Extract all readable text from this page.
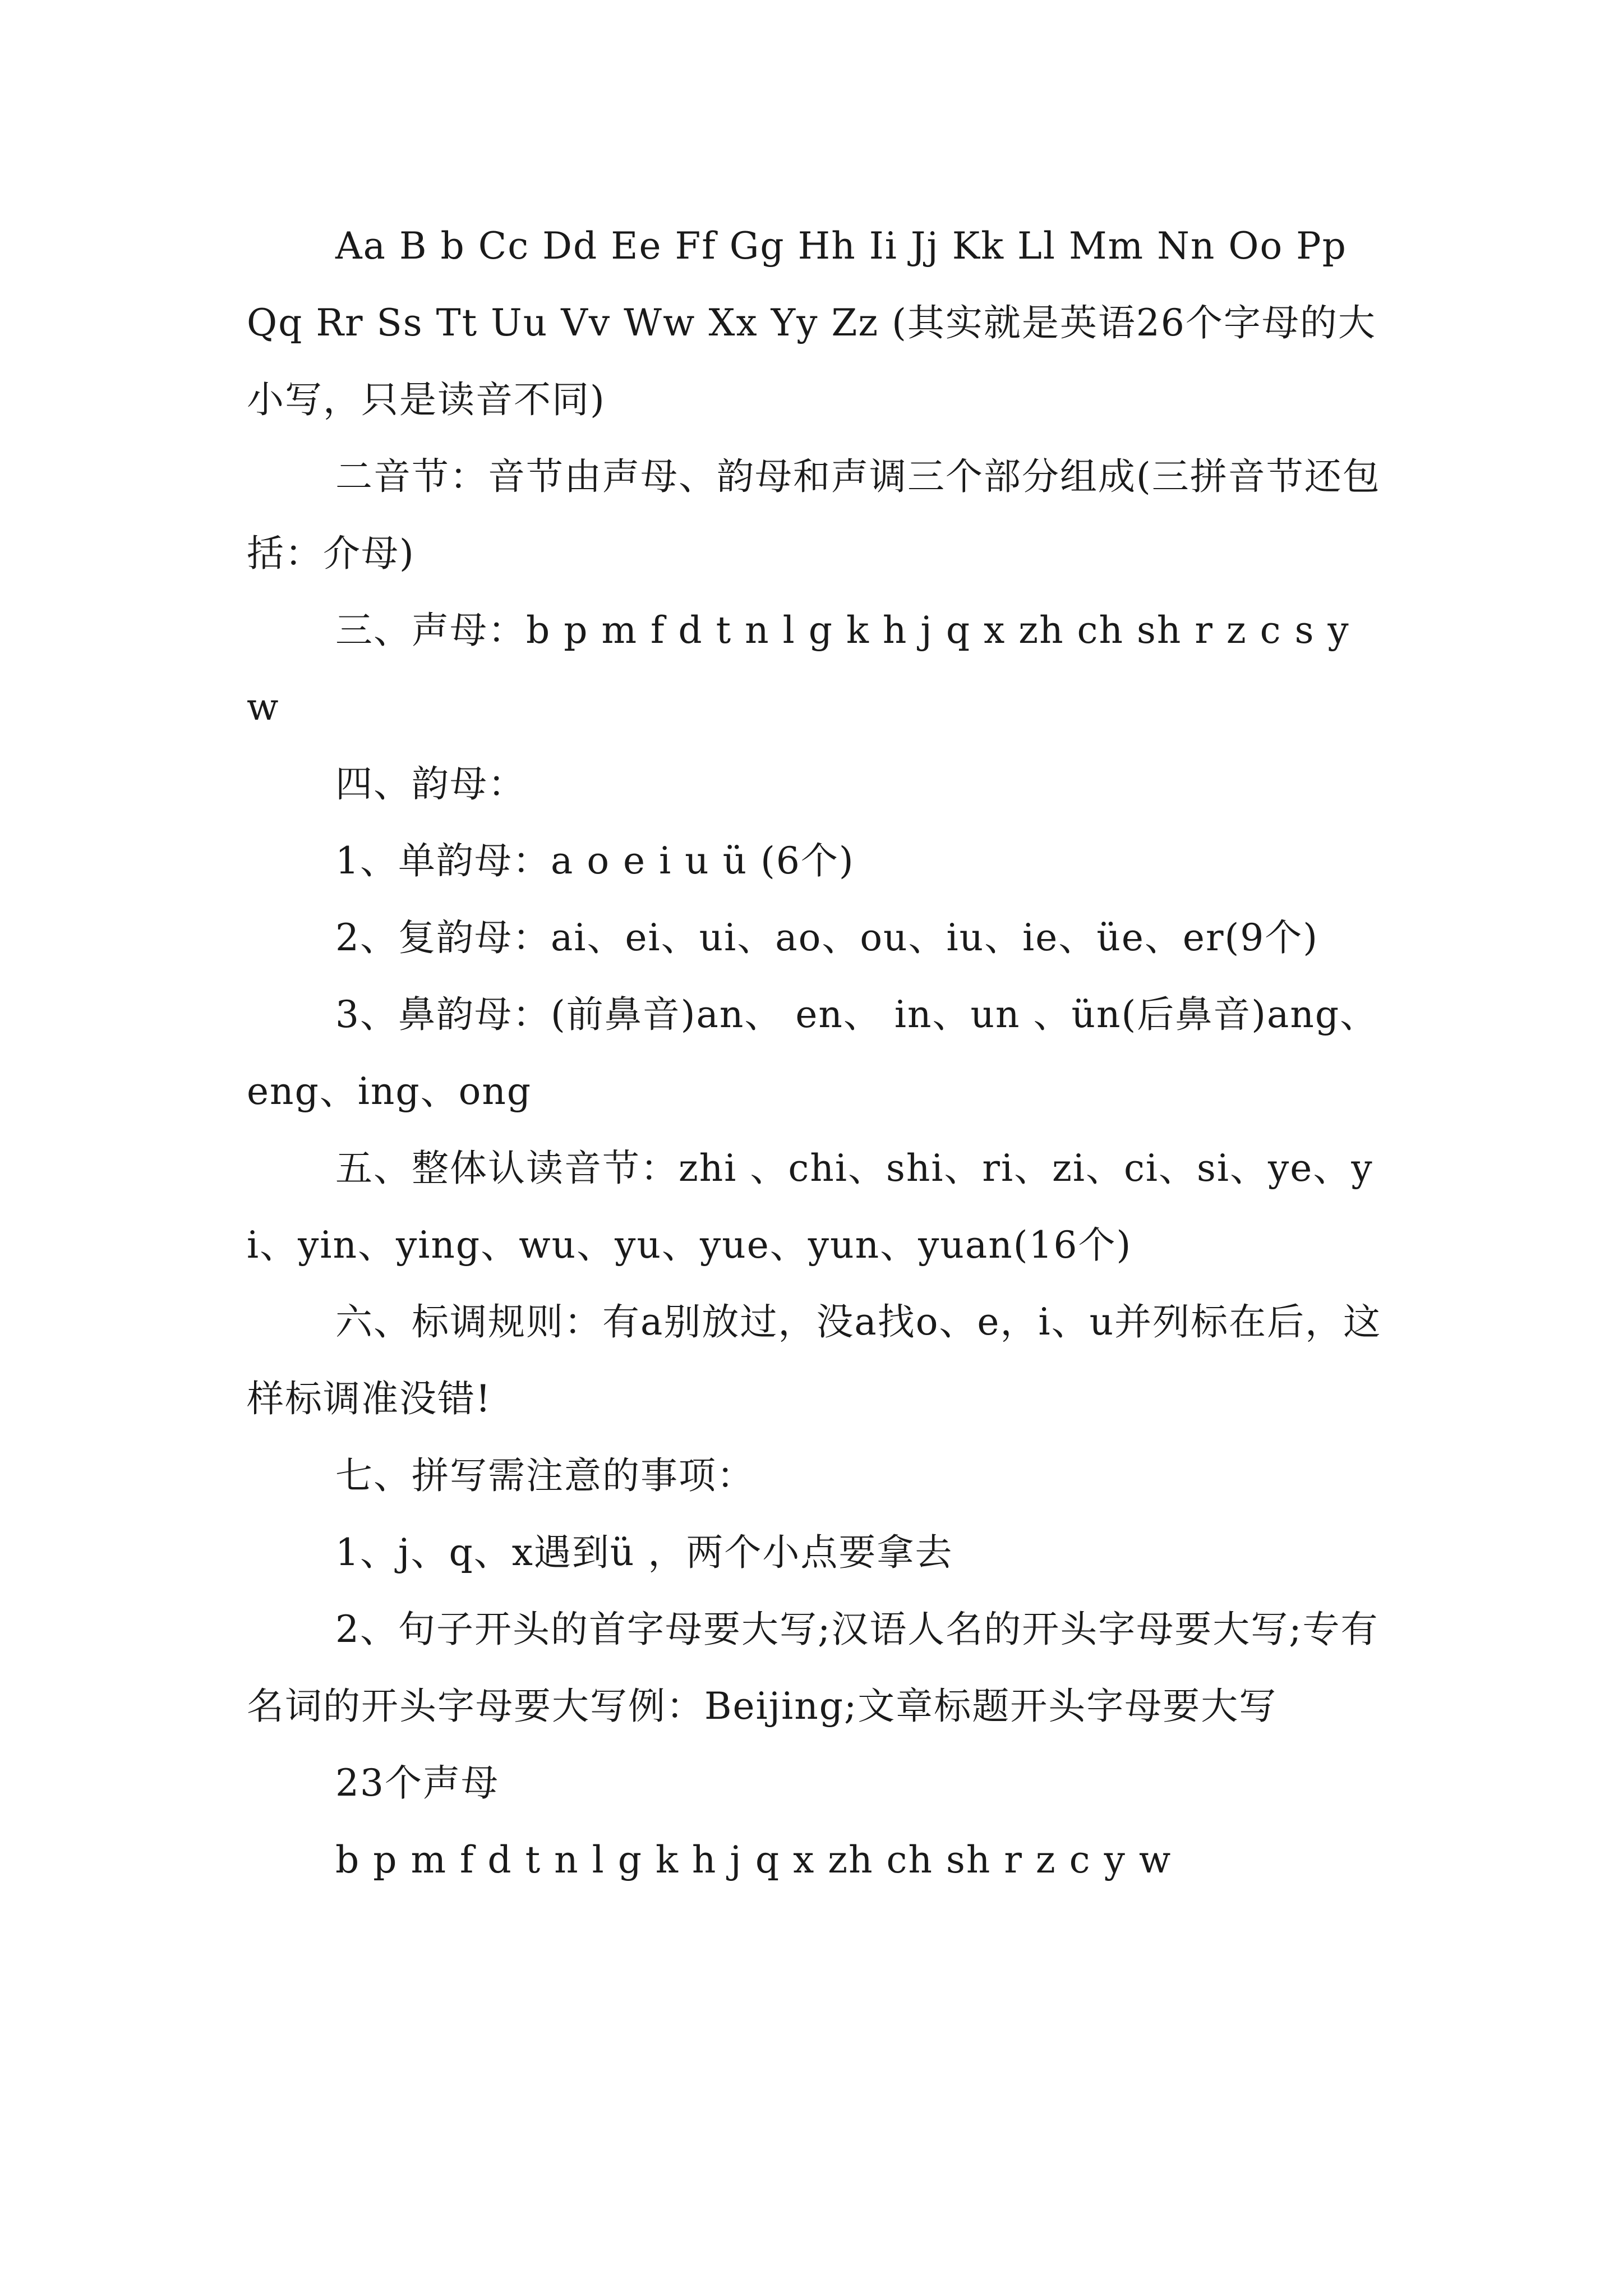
Aa B b Cc Dd Ee Ff Gg Hh Ii Jj Kk Ll Mm Nn Oo Pp Qq Rr Ss Tt Uu Vv Ww Xx Yy Zz (其实就是英语26个字母的大小写，只是读音不同)

二音节：音节由声母、韵母和声调三个部分组成(三拼音节还包括：介母)

三、声母：b p m f d t n l g k h j q x zh ch sh r z c s y w

四、韵母：

1、单韵母：a o e i u ü (6个)

2、复韵母：ai、ei、ui、ao、ou、iu、ie、üe、er(9个)

3、鼻韵母：(前鼻音)an、 en、 in、un 、ün(后鼻音)ang、eng、ing、ong

五、整体认读音节：zhi 、chi、shi、ri、zi、ci、si、ye、yi、yin、ying、wu、yu、yue、yun、yuan(16个)

六、标调规则：有a别放过，没a找o、e，i、u并列标在后，这样标调准没错!

七、拼写需注意的事项：

1、j、q、x遇到ü ，两个小点要拿去

2、句子开头的首字母要大写;汉语人名的开头字母要大写;专有名词的开头字母要大写例：Beijing;文章标题开头字母要大写

23个声母

b p m f d t n l g k h j q x zh ch sh r z c y w
